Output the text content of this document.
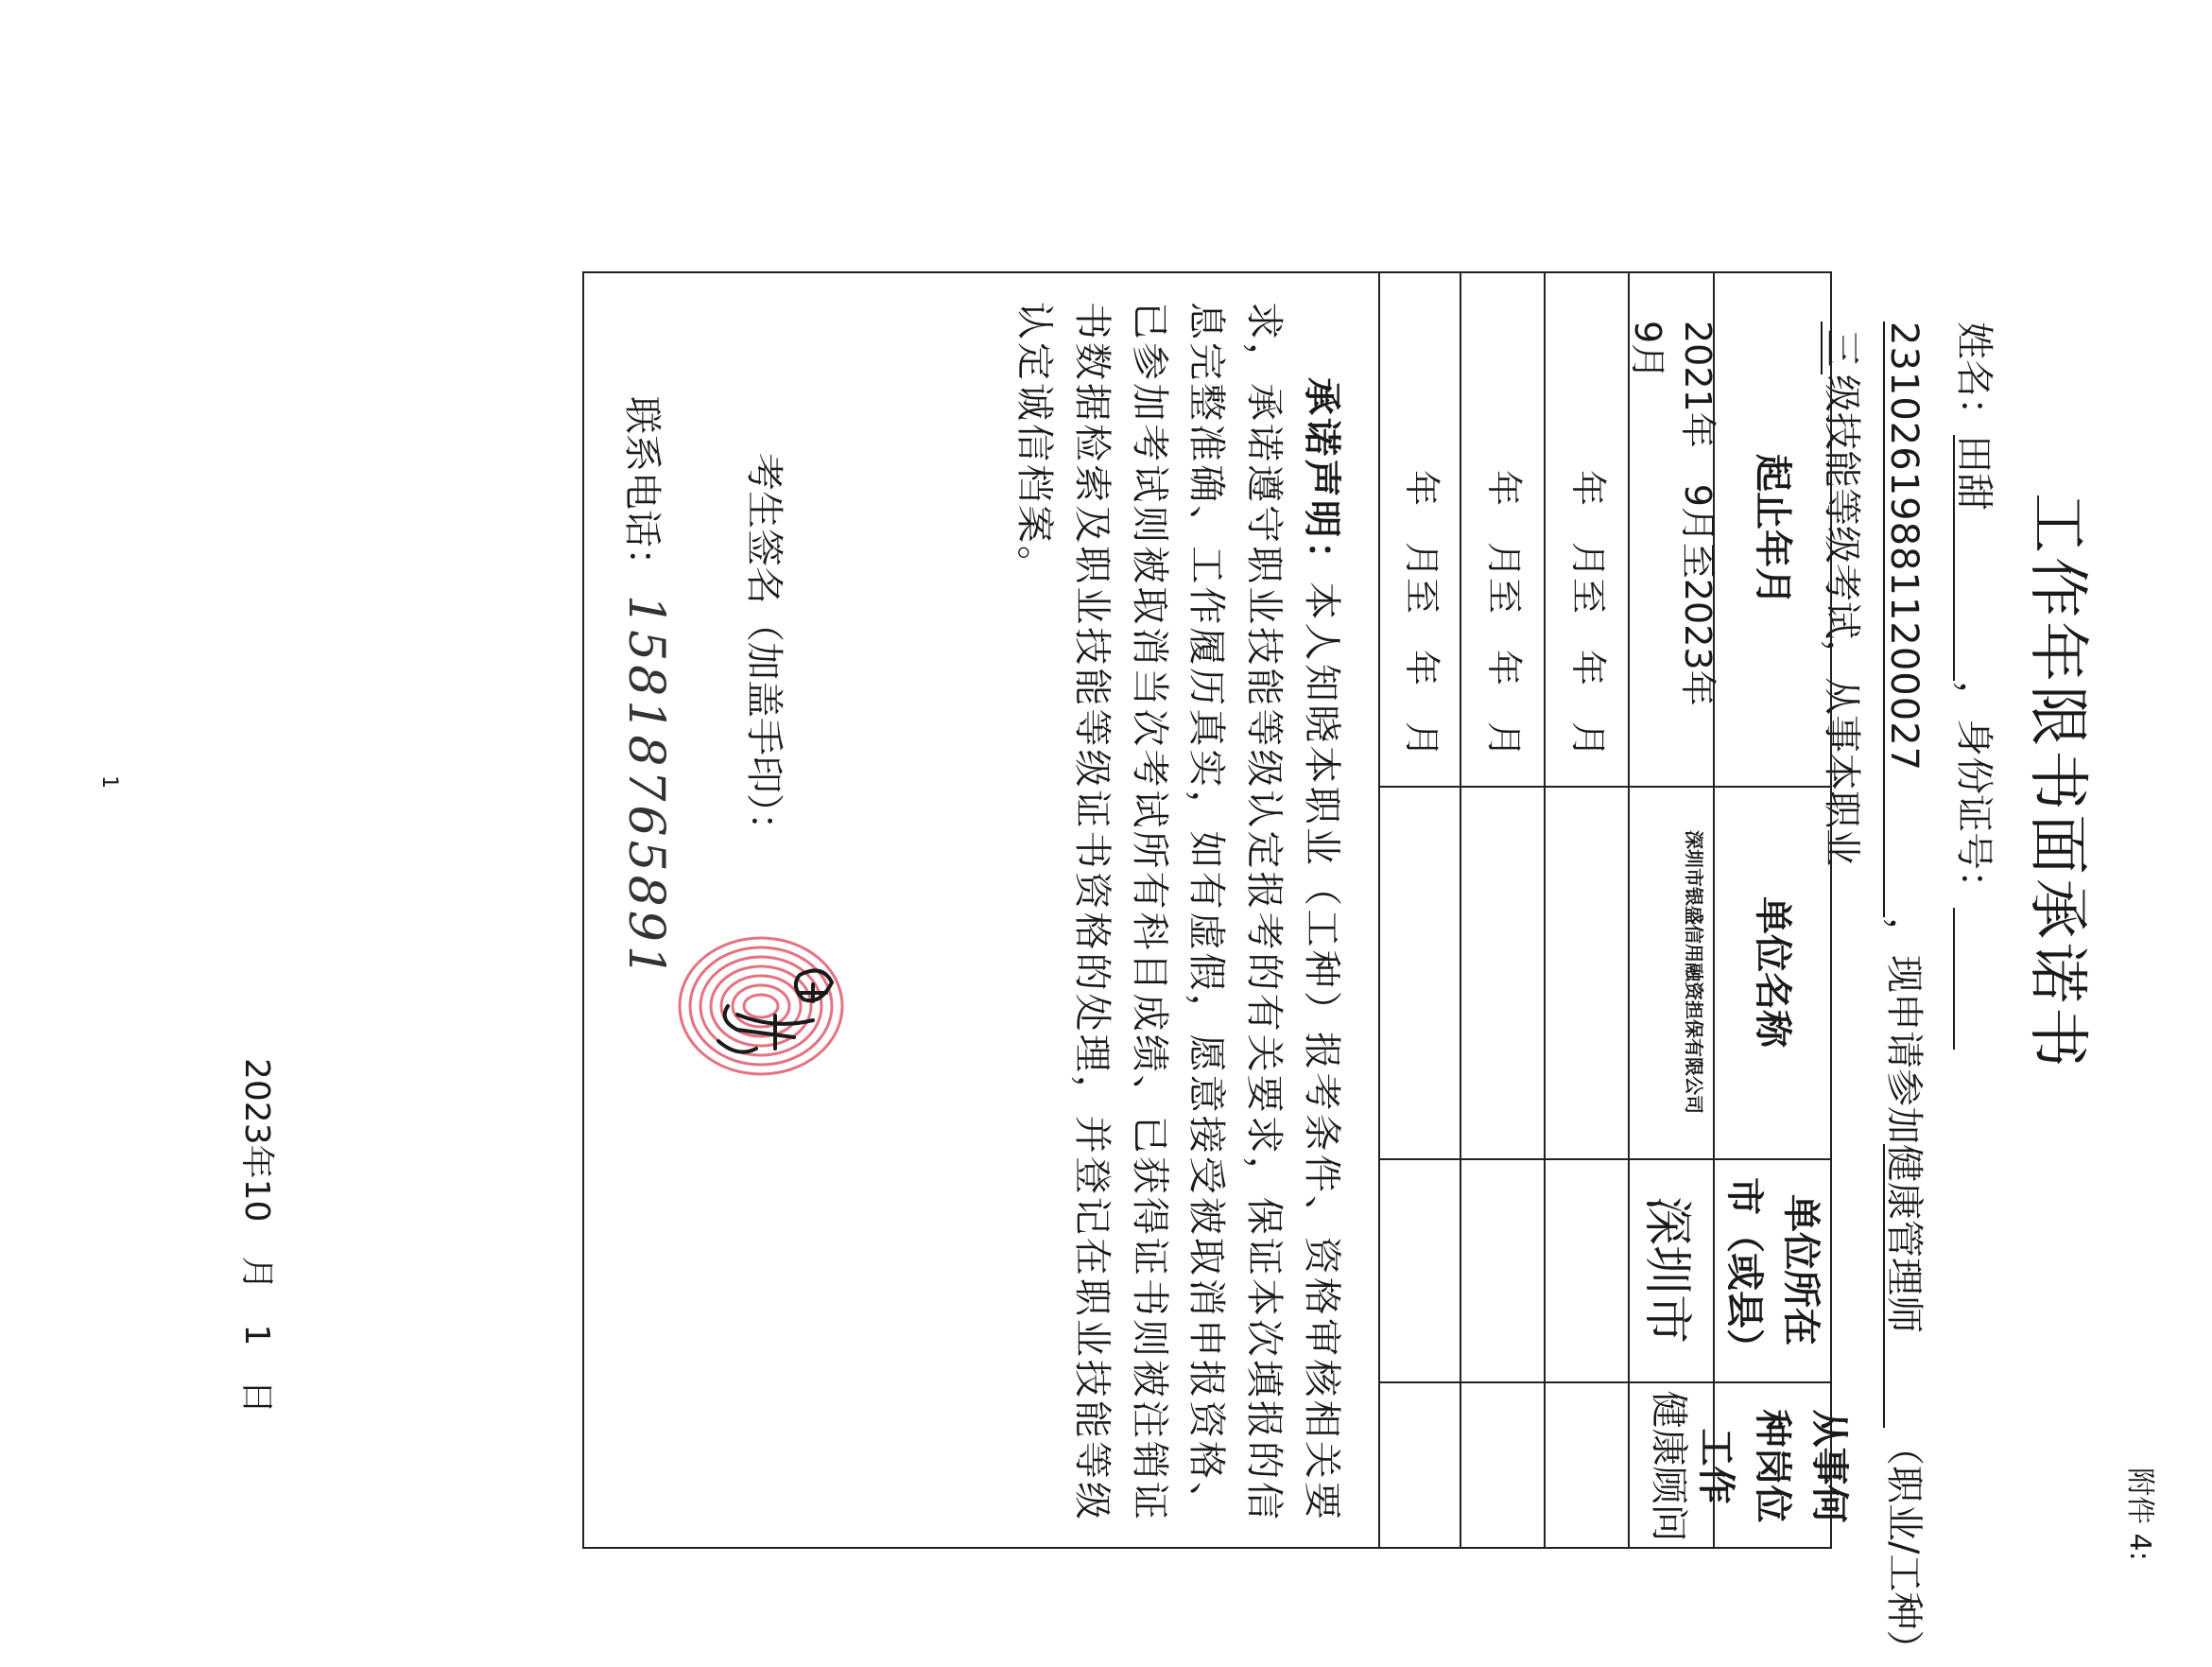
附件 4:
工作年限书面承诺书
姓名：田甜，身份证号：
231026198811200027，现申请参加健康管理师（职业/工种）
三级技能等级考试，从事本职业
起止年月
单位名称
单位所在市（或县）
从事何种岗位工作
2021年　9月至2023年　9月
深圳市银盛信用融资担保有限公司
深圳市
健康顾问
年　月至　年　月
年　月至　年　月
年　月至　年　月

承诺声明：本人知晓本职业（工种）报考条件、资格审核相关要求，承诺遵守职业技能等级认定报考的有关要求，保证本次填报的信息完整准确、工作履历真实，如有虚假，愿意接受被取消申报资格、已参加考试则被取消当次考试所有科目成绩、已获得证书则被注销证书数据检索及职业技能等级证书资格的处理，并登记在职业技能等级认定诚信档案。

考生签名（加盖手印）：
联系电话：15818765891
2023年10　月　1　日
1
